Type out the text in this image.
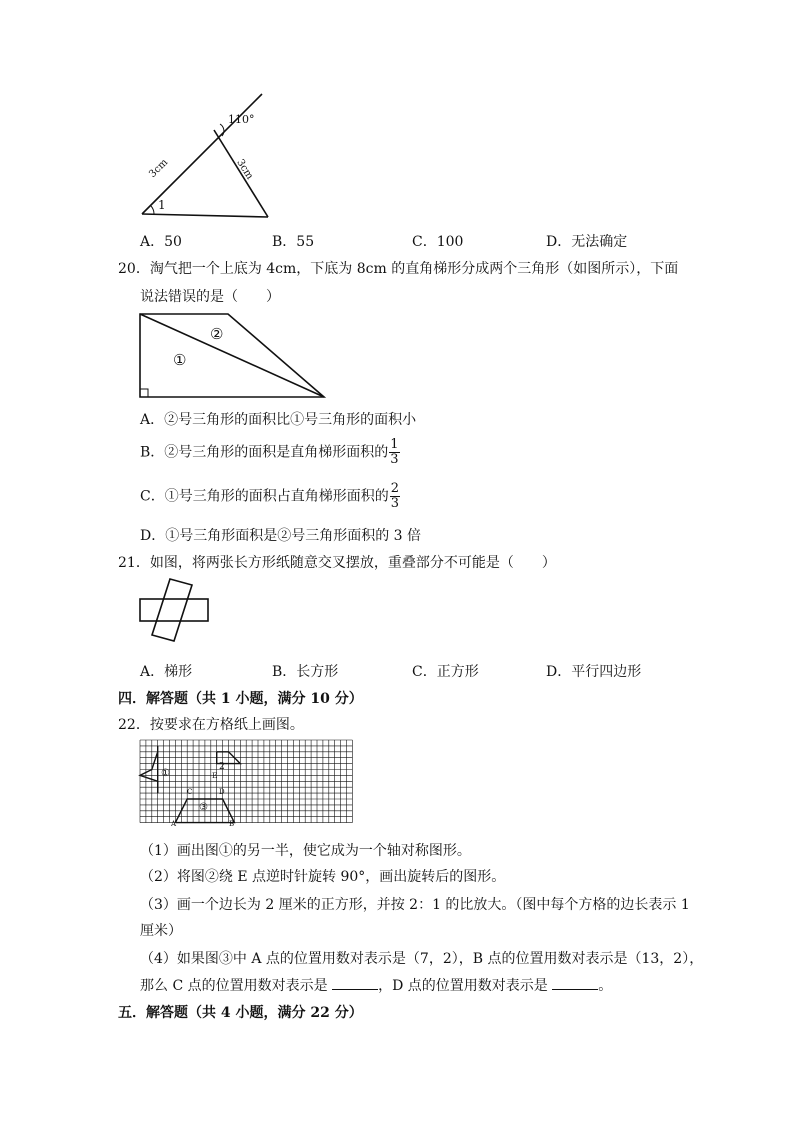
110°
3cm	3cm
1
A．50	B．55	C．100	D．无法确定
20．淘气把一个上底为 4cm，下底为 8cm 的直角梯形分成两个三角形（如图所示），下面
说法错误的是（　　）
①
②
A．②号三角形的面积比①号三角形的面积小
B．②号三角形的面积是直角梯形面积的 $\frac{1}{3}$
C．①号三角形的面积占直角梯形面积的 $\frac{2}{3}$
D．①号三角形面积是②号三角形面积的 3 倍
21．如图，将两张长方形纸随意交叉摆放，重叠部分不可能是（　　）
A．梯形	B．长方形	C．正方形	D．平行四边形
四．解答题（共 1 小题，满分 10 分）
22．按要求在方格纸上画图。
①
2
E
C	D
③
A	B
（1）画出图①的另一半，使它成为一个轴对称图形。
（2）将图②绕 E 点逆时针旋转 90°，画出旋转后的图形。
（3）画一个边长为 2 厘米的正方形，并按 2：1 的比放大。（图中每个方格的边长表示 1
厘米）
（4）如果图③中 A 点的位置用数对表示是（7，2），B 点的位置用数对表示是（13，2），
那么 C 点的位置用数对表示是	，D 点的位置用数对表示是	。
五．解答题（共 4 小题，满分 22 分）
